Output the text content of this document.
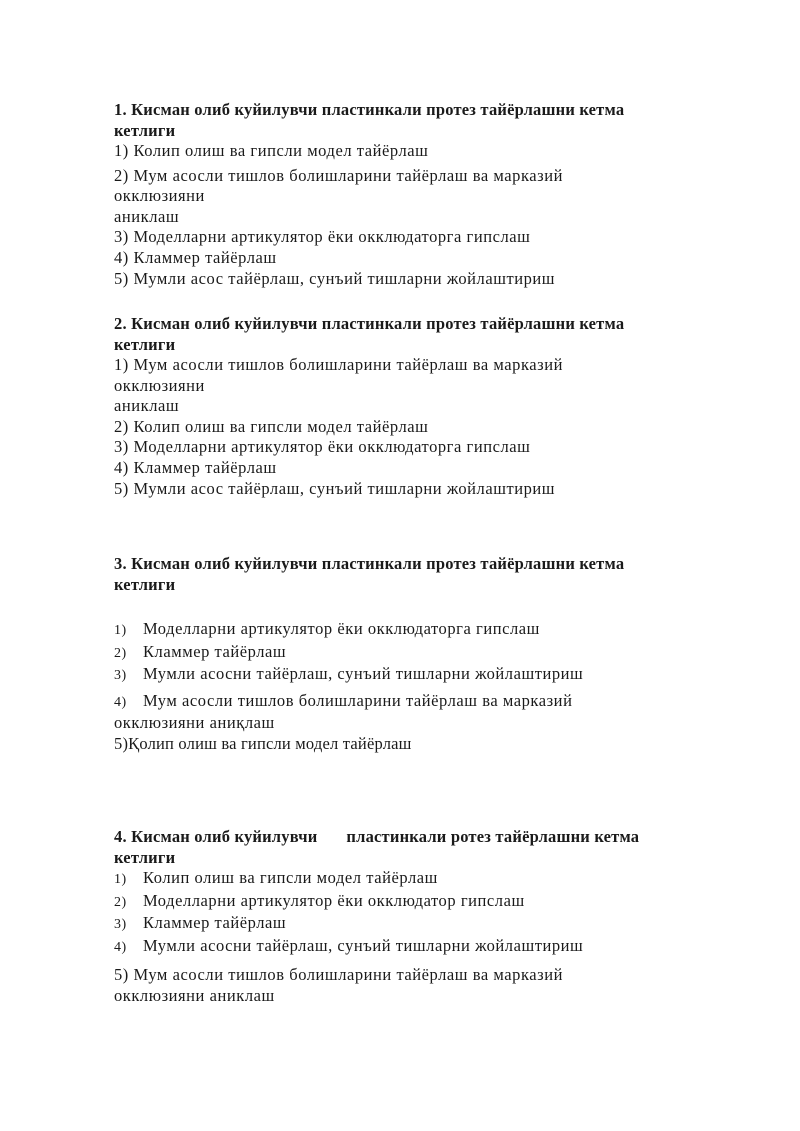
1. Кисман олиб куйилувчи пластинкали протез тайёрлашни кетма
кетлиги

1) Колип олиш ва гипсли модел тайёрлаш

2) Мум асосли тишлов болишларини тайёрлаш ва марказий

окклюзияни

аниклаш

3) Моделларни артикулятор ёки окклюдаторга гипслаш

4) Кламмер тайёрлаш

5) Мумли асос тайёрлаш, сунъий тишларни жойлаштириш

2. Кисман олиб куйилувчи пластинкали протез тайёрлашни кетма
кетлиги

1) Мум асосли тишлов болишларини тайёрлаш ва марказий

окклюзияни

аниклаш

2) Колип олиш ва гипсли модел тайёрлаш

3) Моделларни артикулятор ёки окклюдаторга гипслаш

4) Кламмер тайёрлаш

5) Мумли асос тайёрлаш, сунъий тишларни жойлаштириш

3. Кисман олиб куйилувчи пластинкали протез тайёрлашни кетма
кетлиги

1) Моделларни артикулятор ёки окклюдаторга гипслаш

2) Кламмер тайёрлаш

3) Мумли асосни тайёрлаш, сунъий тишларни жойлаштириш

4) Мум асосли тишлов болишларини тайёрлаш ва марказий

окклюзияни аниқлаш

5)Қолип олиш ва гипсли модел тайёрлаш

4. Кисман олиб куйилувчи пластинкали ротез тайёрлашни кетма
кетлиги

1) Колип олиш ва гипсли модел тайёрлаш

2) Моделларни артикулятор ёки окклюдатор гипслаш

3) Кламмер тайёрлаш

4) Мумли асосни тайёрлаш, сунъий тишларни жойлаштириш

5) Мум асосли тишлов болишларини тайёрлаш ва марказий

окклюзияни аниклаш
